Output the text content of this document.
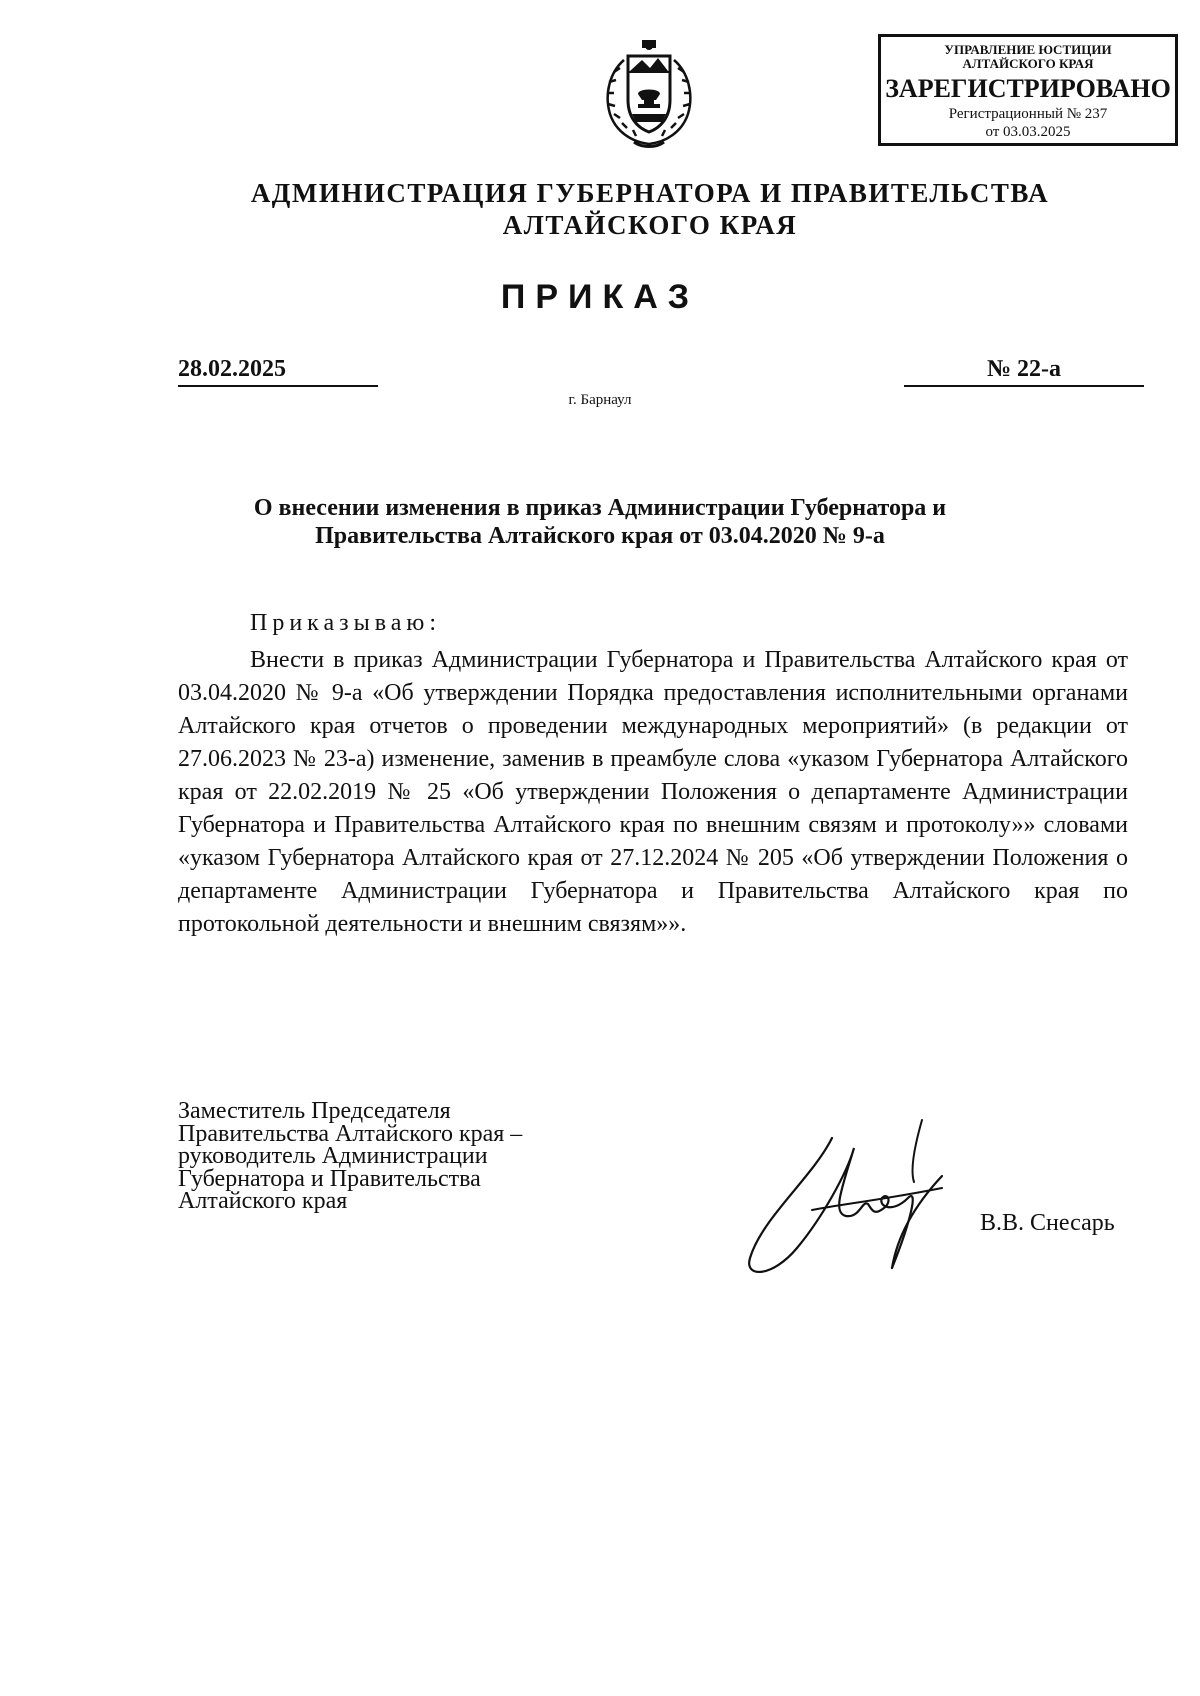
УПРАВЛЕНИЕ ЮСТИЦИИ
АЛТАЙСКОГО КРАЯ
ЗАРЕГИСТРИРОВАНО
Регистрационный № 237
от 03.03.2025
АДМИНИСТРАЦИЯ ГУБЕРНАТОРА И ПРАВИТЕЛЬСТВА
АЛТАЙСКОГО КРАЯ
ПРИКАЗ
28.02.2025	№ 22-а
г. Барнаул
О внесении изменения в приказ Администрации Губернатора и
Правительства Алтайского края от 03.04.2020 № 9-а
Приказываю:

Внести в приказ Администрации Губернатора и Правительства Алтайского края от 03.04.2020 № 9-а «Об утверждении Порядка предоставления исполнительными органами Алтайского края отчетов о проведении международных мероприятий» (в редакции от 27.06.2023 № 23-а) изменение, заменив в преамбуле слова «указом Губернатора Алтайского края от 22.02.2019 № 25 «Об утверждении Положения о департаменте Администрации Губернатора и Правительства Алтайского края по внешним связям и протоколу»» словами «указом Губернатора Алтайского края от 27.12.2024 № 205 «Об утверждении Положения о департаменте Администрации Губернатора и Правительства Алтайского края по протокольной деятельности и внешним связям»».

Заместитель Председателя
Правительства Алтайского края –
руководитель Администрации
Губернатора и Правительства
Алтайского края
В.В. Снесарь
